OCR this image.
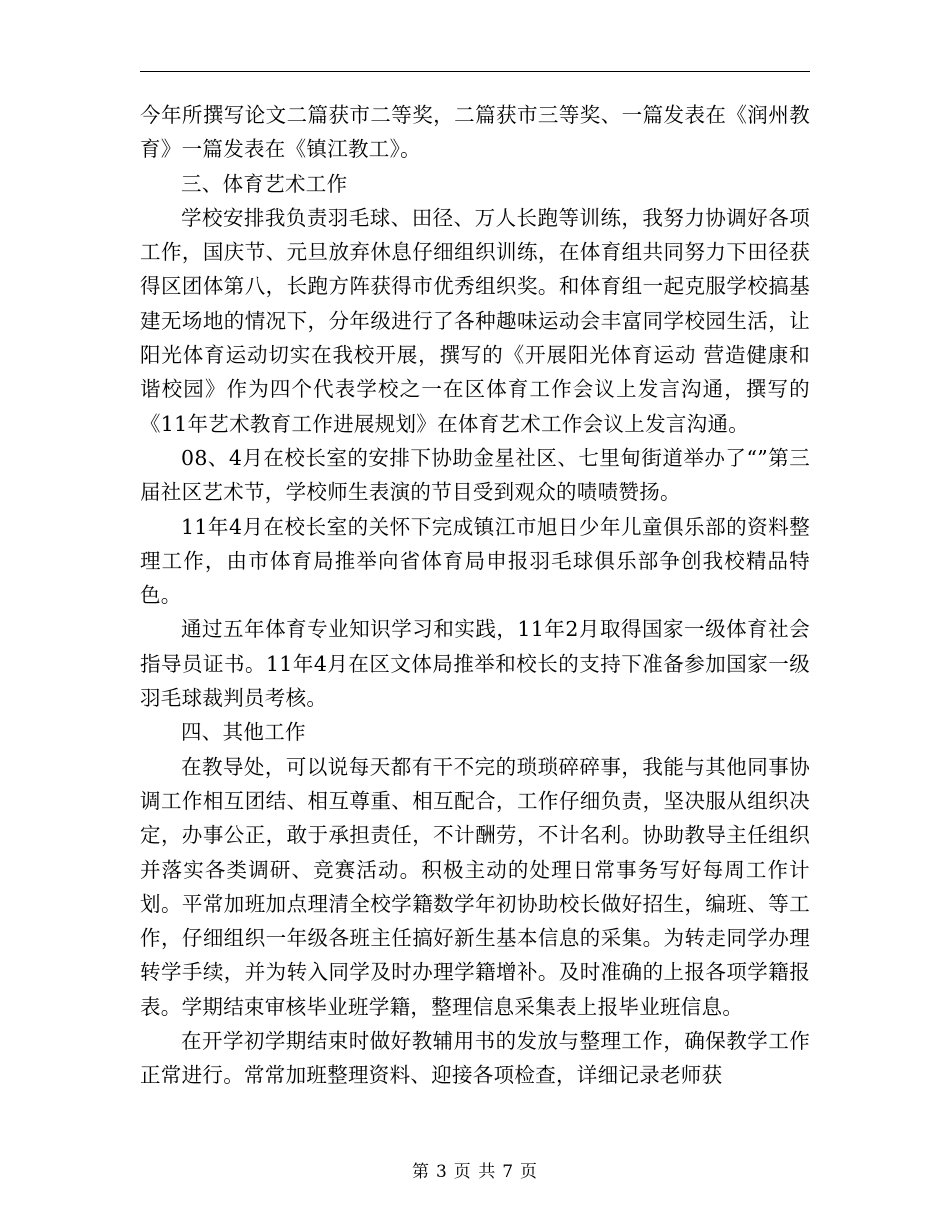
今年所撰写论文二篇获市二等奖，二篇获市三等奖、一篇发表在《润州教育》一篇发表在《镇江教工》。

三、体育艺术工作

学校安排我负责羽毛球、田径、万人长跑等训练，我努力协调好各项工作，国庆节、元旦放弃休息仔细组织训练，在体育组共同努力下田径获得区团体第八，长跑方阵获得市优秀组织奖。和体育组一起克服学校搞基建无场地的情况下，分年级进行了各种趣味运动会丰富同学校园生活，让阳光体育运动切实在我校开展，撰写的《开展阳光体育运动 营造健康和谐校园》作为四个代表学校之一在区体育工作会议上发言沟通，撰写的《11年艺术教育工作进展规划》在体育艺术工作会议上发言沟通。

08、4月在校长室的安排下协助金星社区、七里甸街道举办了“”第三届社区艺术节，学校师生表演的节目受到观众的啧啧赞扬。

11年4月在校长室的关怀下完成镇江市旭日少年儿童俱乐部的资料整理工作，由市体育局推举向省体育局申报羽毛球俱乐部争创我校精品特色。

通过五年体育专业知识学习和实践，11年2月取得国家一级体育社会指导员证书。11年4月在区文体局推举和校长的支持下准备参加国家一级羽毛球裁判员考核。

四、其他工作

在教导处，可以说每天都有干不完的琐琐碎碎事，我能与其他同事协调工作相互团结、相互尊重、相互配合，工作仔细负责，坚决服从组织决定，办事公正，敢于承担责任，不计酬劳，不计名利。协助教导主任组织并落实各类调研、竞赛活动。积极主动的处理日常事务写好每周工作计划。平常加班加点理清全校学籍数学年初协助校长做好招生，编班、等工作，仔细组织一年级各班主任搞好新生基本信息的采集。为转走同学办理转学手续，并为转入同学及时办理学籍增补。及时准确的上报各项学籍报表。学期结束审核毕业班学籍，整理信息采集表上报毕业班信息。

在开学初学期结束时做好教辅用书的发放与整理工作，确保教学工作正常进行。常常加班整理资料、迎接各项检查，详细记录老师获

第 3 页 共 7 页
